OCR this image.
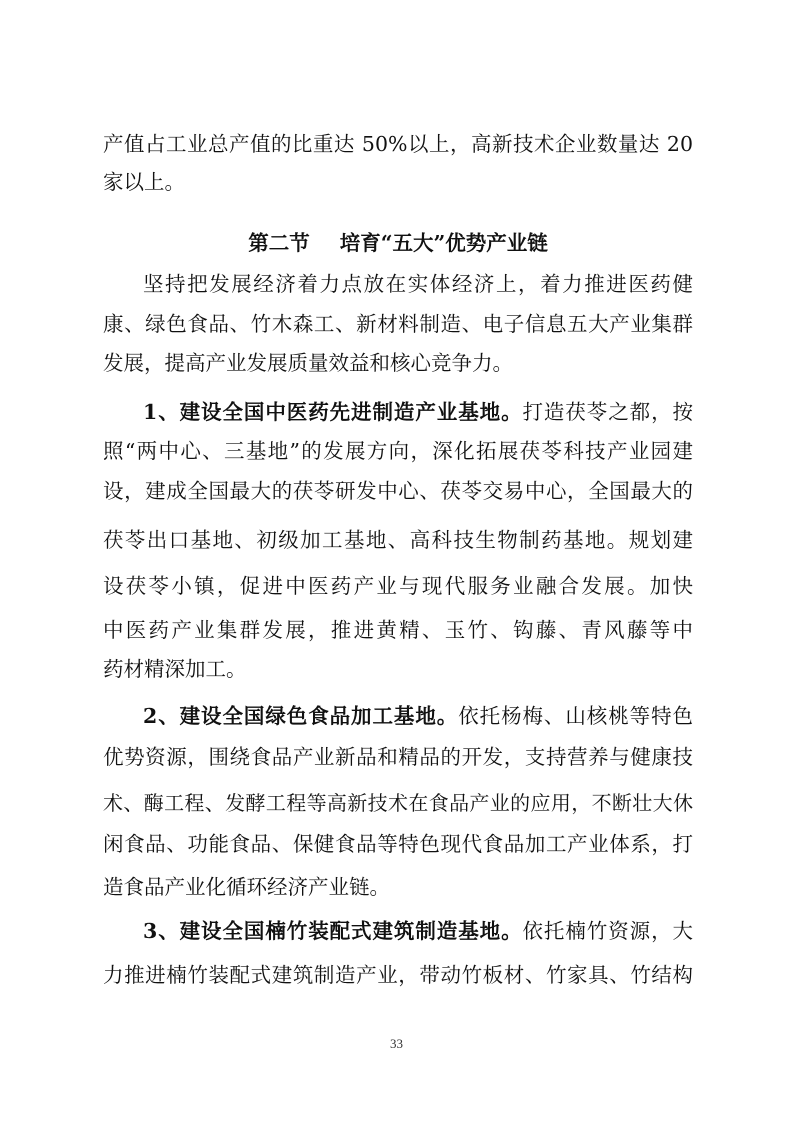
产值占工业总产值的比重达 50%以上，高新技术企业数量达 20
家以上。
第二节 培育“五大”优势产业链
坚持把发展经济着力点放在实体经济上，着力推进医药健
康、绿色食品、竹木森工、新材料制造、电子信息五大产业集群
发展，提高产业发展质量效益和核心竞争力。
1、建设全国中医药先进制造产业基地。打造茯苓之都，按
照“两中心、三基地”的发展方向，深化拓展茯苓科技产业园建
设，建成全国最大的茯苓研发中心、茯苓交易中心，全国最大的
茯苓出口基地、初级加工基地、高科技生物制药基地。规划建
设茯苓小镇，促进中医药产业与现代服务业融合发展。加快
中医药产业集群发展，推进黄精、玉竹、钩藤、青风藤等中
药材精深加工。
2、建设全国绿色食品加工基地。依托杨梅、山核桃等特色
优势资源，围绕食品产业新品和精品的开发，支持营养与健康技
术、酶工程、发酵工程等高新技术在食品产业的应用，不断壮大休
闲食品、功能食品、保健食品等特色现代食品加工产业体系，打
造食品产业化循环经济产业链。
3、建设全国楠竹装配式建筑制造基地。依托楠竹资源，大
力推进楠竹装配式建筑制造产业，带动竹板材、竹家具、竹结构
33
